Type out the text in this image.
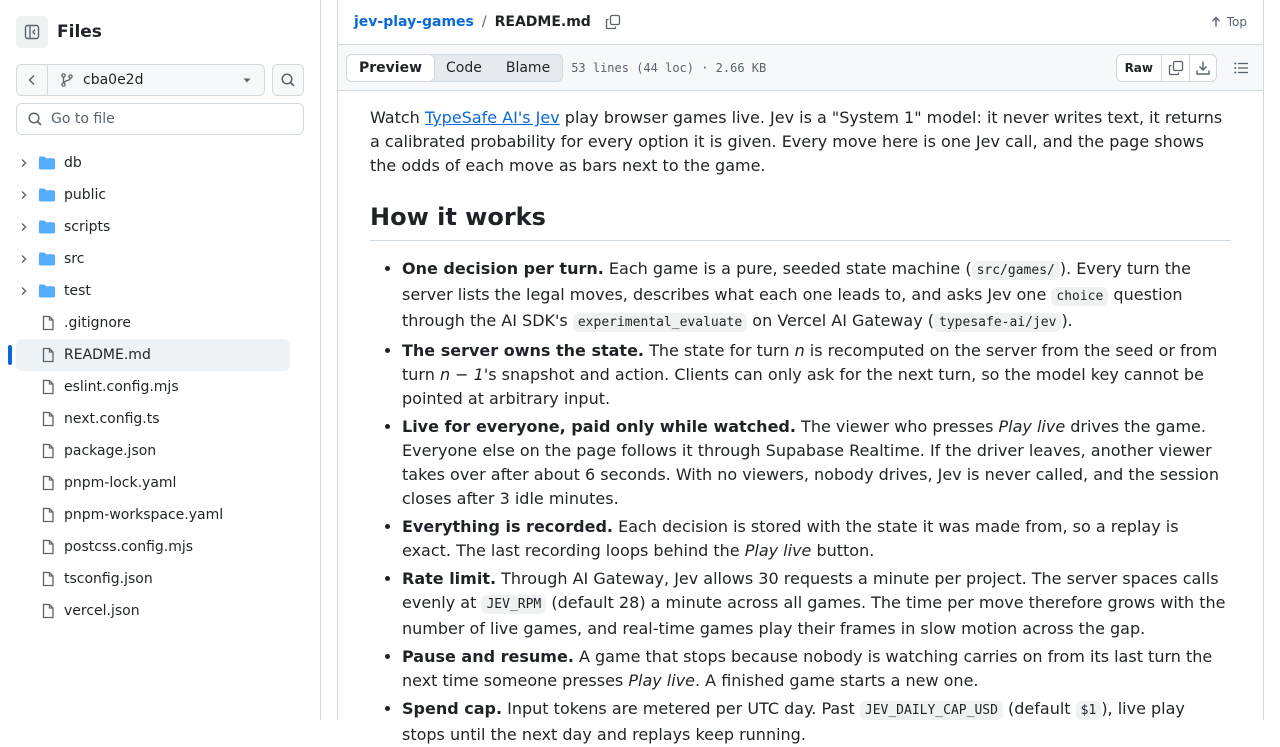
Files
cba0e2d
Go to file
db
public
scripts
src
test
.gitignore
README.md
eslint.config.mjs
next.config.ts
package.json
pnpm-lock.yaml
pnpm-workspace.yaml
postcss.config.mjs
tsconfig.json
vercel.json
jev-play-games / README.md	Top
Preview	Code	Blame	53 lines (44 loc) · 2.66 KB	Raw

Watch TypeSafe AI's Jev play browser games live. Jev is a "System 1" model: it never writes text, it returns a calibrated probability for every option it is given. Every move here is one Jev call, and the page shows the odds of each move as bars next to the game.

How it works
• One decision per turn. Each game is a pure, seeded state machine ( src/games/ ). Every turn the server lists the legal moves, describes what each one leads to, and asks Jev one choice question through the AI SDK's experimental_evaluate on Vercel AI Gateway ( typesafe-ai/jev ).
• The server owns the state. The state for turn n is recomputed on the server from the seed or from turn n − 1's snapshot and action. Clients can only ask for the next turn, so the model key cannot be pointed at arbitrary input.
• Live for everyone, paid only while watched. The viewer who presses Play live drives the game. Everyone else on the page follows it through Supabase Realtime. If the driver leaves, another viewer takes over after about 6 seconds. With no viewers, nobody drives, Jev is never called, and the session closes after 3 idle minutes.
• Everything is recorded. Each decision is stored with the state it was made from, so a replay is exact. The last recording loops behind the Play live button.
• Rate limit. Through AI Gateway, Jev allows 30 requests a minute per project. The server spaces calls evenly at JEV_RPM (default 28) a minute across all games. The time per move therefore grows with the number of live games, and real-time games play their frames in slow motion across the gap.
• Pause and resume. A game that stops because nobody is watching carries on from its last turn the next time someone presses Play live. A finished game starts a new one.
• Spend cap. Input tokens are metered per UTC day. Past JEV_DAILY_CAP_USD (default $1 ), live play stops until the next day and replays keep running.
